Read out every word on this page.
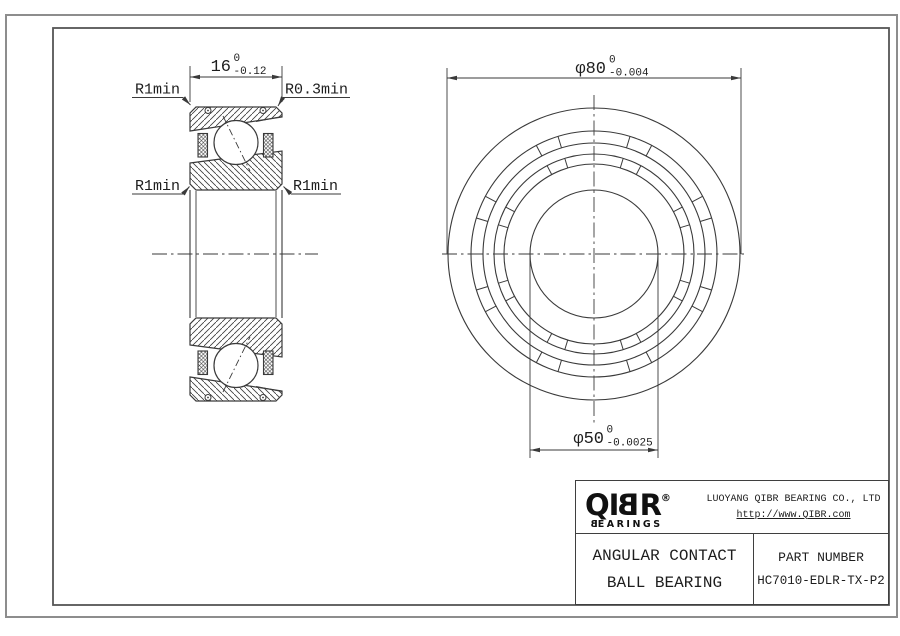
16 0
-0.12
R1min	R0.3min
R1min	R1min
φ80 0
-0.004
φ50 0
-0.0025
QIBR®
BEARINGS
LUOYANG QIBR BEARING CO., LTD
http://www.QIBR.com
ANGULAR CONTACT
BALL BEARING
PART NUMBER
HC7010-EDLR-TX-P2
